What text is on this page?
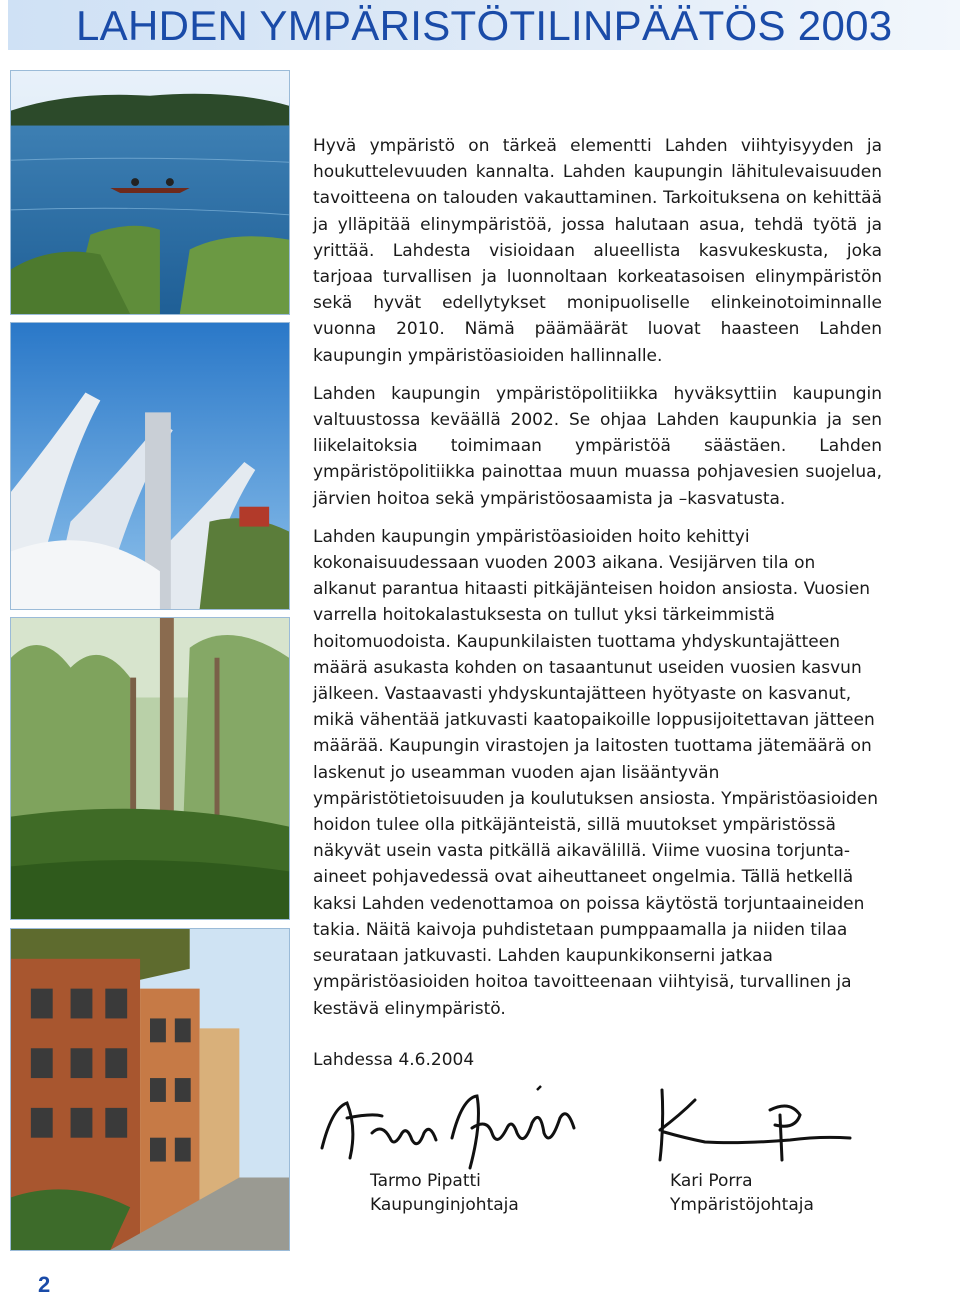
LAHDEN YMPÄRISTÖTILINPÄÄTÖS 2003

Hyvä ympäristö on tärkeä elementti Lahden viihtyisyyden ja houkuttelevuuden kannalta. Lahden kaupungin lähitulevaisuuden tavoitteena on talouden vakauttaminen. Tarkoituksena on kehittää ja ylläpitää elinympäristöä, jossa halutaan asua, tehdä työtä ja yrittää. Lahdesta visioidaan alueellista kasvukeskusta, joka tarjoaa turvallisen ja luonnoltaan korkeatasoisen elinympäristön sekä hyvät edellytykset monipuoliselle elinkeinotoiminnalle vuonna 2010. Nämä päämäärät luovat haasteen Lahden kaupungin ympäristöasioiden hallinnalle.

Lahden kaupungin ympäristöpolitiikka hyväksyttiin kaupungin valtuustossa keväällä 2002. Se ohjaa Lahden kaupunkia ja sen liikelaitoksia toimimaan ympäristöä säästäen. Lahden ympäristöpolitiikka painottaa muun muassa pohjavesien suojelua, järvien hoitoa sekä ympäristöosaamista ja –kasvatusta.

Lahden kaupungin ympäristöasioiden hoito kehittyi kokonaisuudessaan vuoden 2003 aikana. Vesijärven tila on alkanut parantua hitaasti pitkäjänteisen hoidon ansiosta. Vuosien varrella hoitokalastuksesta on tullut yksi tärkeimmistä hoitomuodoista. Kaupunkilaisten tuottama yhdyskuntajätteen määrä asukasta kohden on tasaantunut useiden vuosien kasvun jälkeen. Vastaavasti yhdyskuntajätteen hyötyaste on kasvanut, mikä vähentää jatkuvasti kaatopaikoille loppusijoitettavan jätteen määrää. Kaupungin virastojen ja laitosten tuottama jätemäärä on laskenut jo useamman vuoden ajan lisääntyvän ympäristötietoisuuden ja koulutuksen ansiosta. Ympäristöasioiden hoidon tulee olla pitkäjänteistä, sillä muutokset ympäristössä näkyvät usein vasta pitkällä aikavälillä. Viime vuosina torjunta-aineet pohjavedessä ovat aiheuttaneet ongelmia. Tällä hetkellä kaksi Lahden vedenottamoa on poissa käytöstä torjuntaaineiden takia. Näitä kaivoja puhdistetaan pumppaamalla ja niiden tilaa seurataan jatkuvasti. Lahden kaupunkikonserni jatkaa ympäristöasioiden hoitoa tavoitteenaan viihtyisä, turvallinen ja kestävä elinympäristö.

Lahdessa 4.6.2004
Tarmo Pipatti
Kaupunginjohtaja
Kari Porra
Ympäristöjohtaja
2
